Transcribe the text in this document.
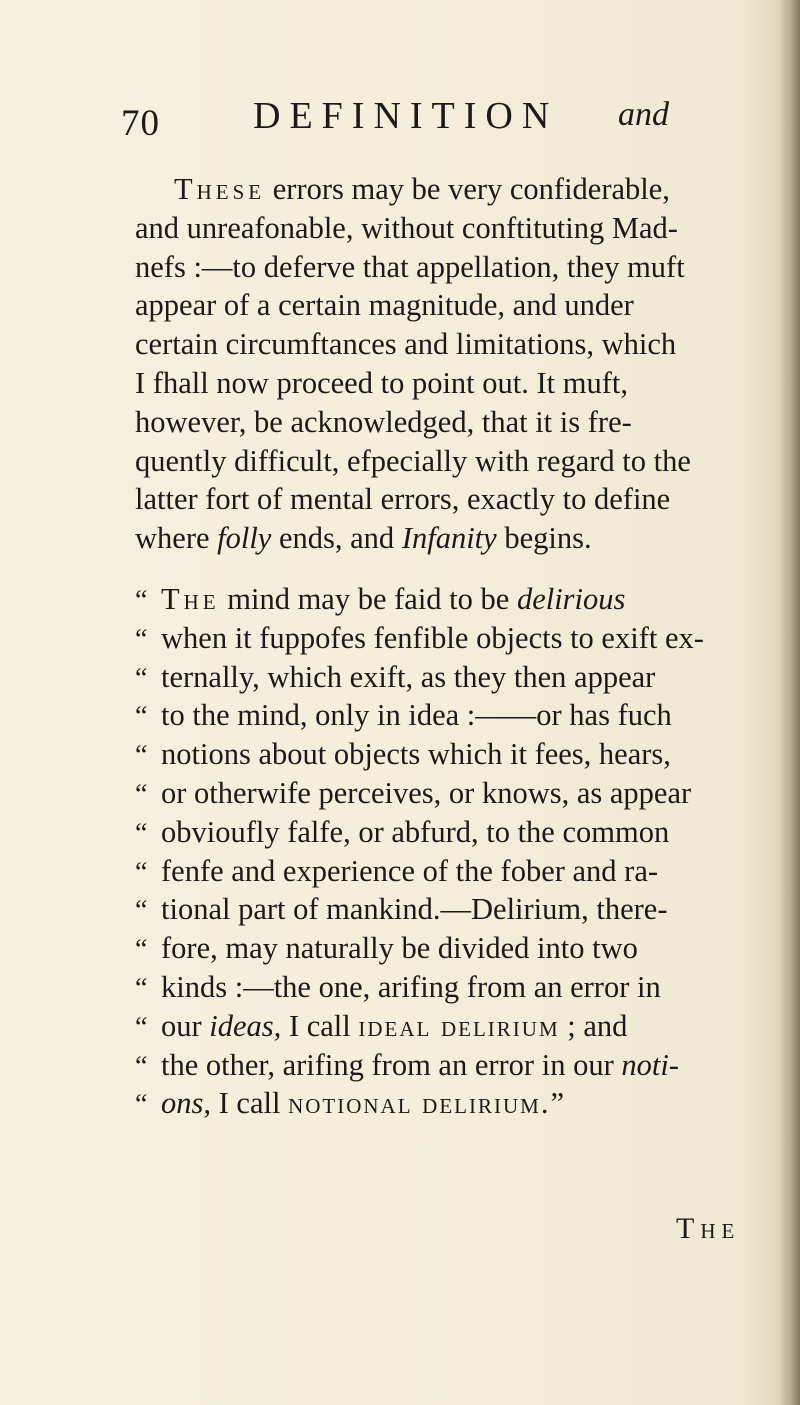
70 DEFINITION and
These errors may be very confiderable,
and unreafonable, without conftituting Mad-
nefs :—to deferve that appellation, they muft
appear of a certain magnitude, and under
certain circumftances and limitations, which
I fhall now proceed to point out. It muft,
however, be acknowledged, that it is fre-
quently difficult, efpecially with regard to the
latter fort of mental errors, exactly to define
where folly ends, and Infanity begins.
“ The mind may be faid to be delirious
“ when it fuppofes fenfible objects to exift ex-
“ ternally, which exift, as they then appear
“ to the mind, only in idea :——or has fuch
“ notions about objects which it fees, hears,
“ or otherwife perceives, or knows, as appear
“ obvioufly falfe, or abfurd, to the common
“ fenfe and experience of the fober and ra-
“ tional part of mankind.—Delirium, there-
“ fore, may naturally be divided into two
“ kinds :—the one, arifing from an error in
“ our ideas, I call ideal delirium ; and
“ the other, arifing from an error in our noti-
“ ons, I call notional delirium.”
The
